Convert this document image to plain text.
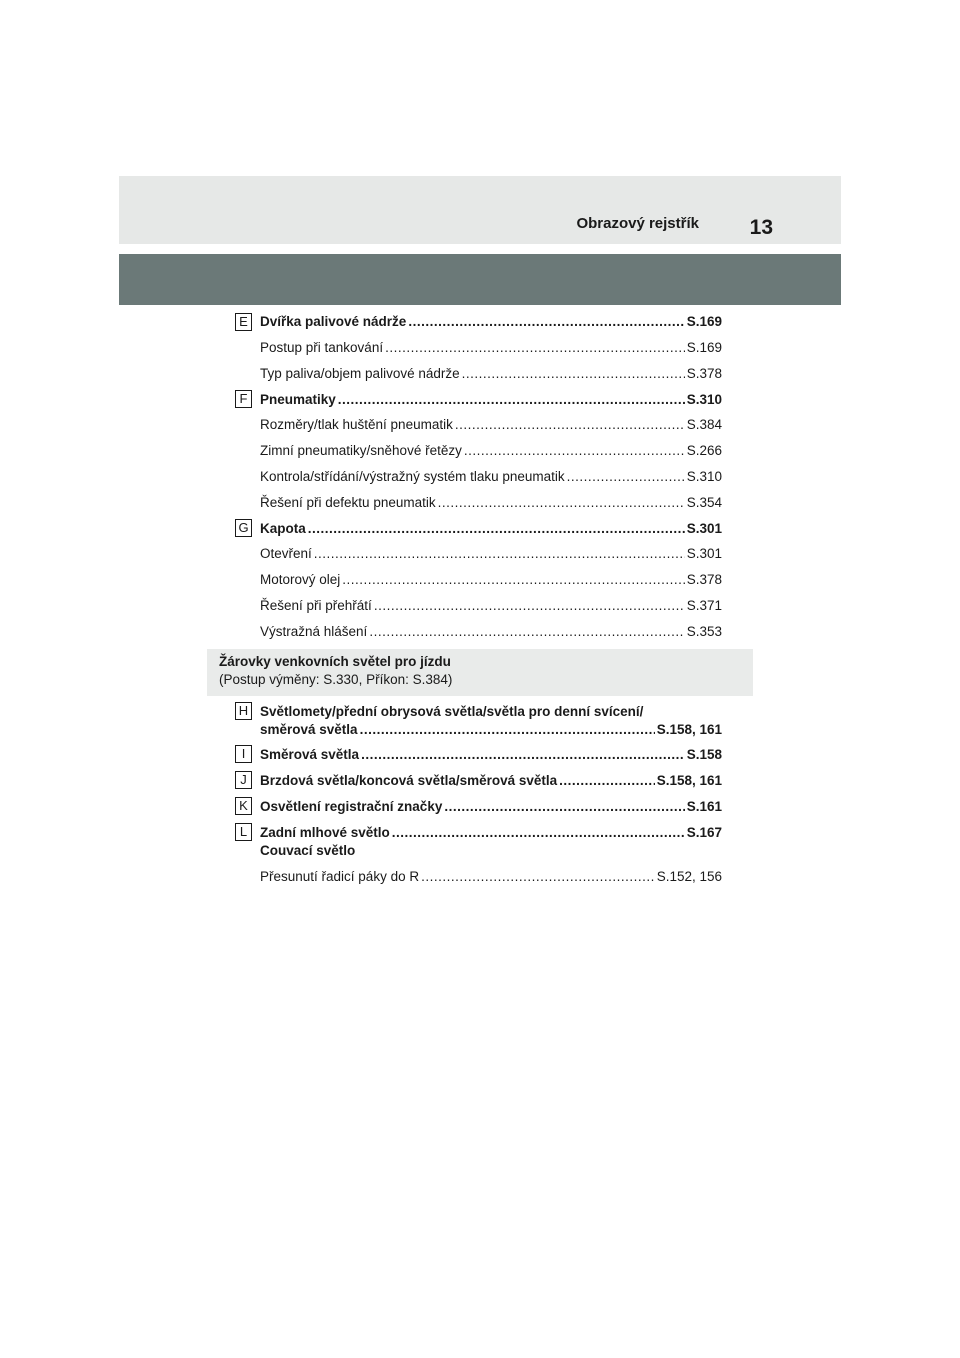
Obrazový rejstřík 13
E Dvířka palivové nádrže .....	S.169
Postup při tankování .....	S.169
Typ paliva/objem palivové nádrže .....	S.378
F Pneumatiky .....	S.310
Rozměry/tlak huštění pneumatik .....	S.384
Zimní pneumatiky/sněhové řetězy .....	S.266
Kontrola/střídání/výstražný systém tlaku pneumatik .....	S.310
Řešení při defektu pneumatik .....	S.354
G Kapota .....	S.301
Otevření .....	S.301
Motorový olej .....	S.378
Řešení při přehřátí .....	S.371
Výstražná hlášení .....	S.353
Žárovky venkovních světel pro jízdu
(Postup výměny: S.330, Příkon: S.384)
H Světlomety/přední obrysová světla/světla pro denní svícení/
směrová světla .....	S.158, 161
I	Směrová světla .....	S.158
J Brzdová světla/koncová světla/směrová světla .....	S.158, 161
K Osvětlení registrační značky .....	S.161
L Zadní mlhové světlo .....	S.167
Couvací světlo
Přesunutí řadicí páky do R .....	S.152, 156
